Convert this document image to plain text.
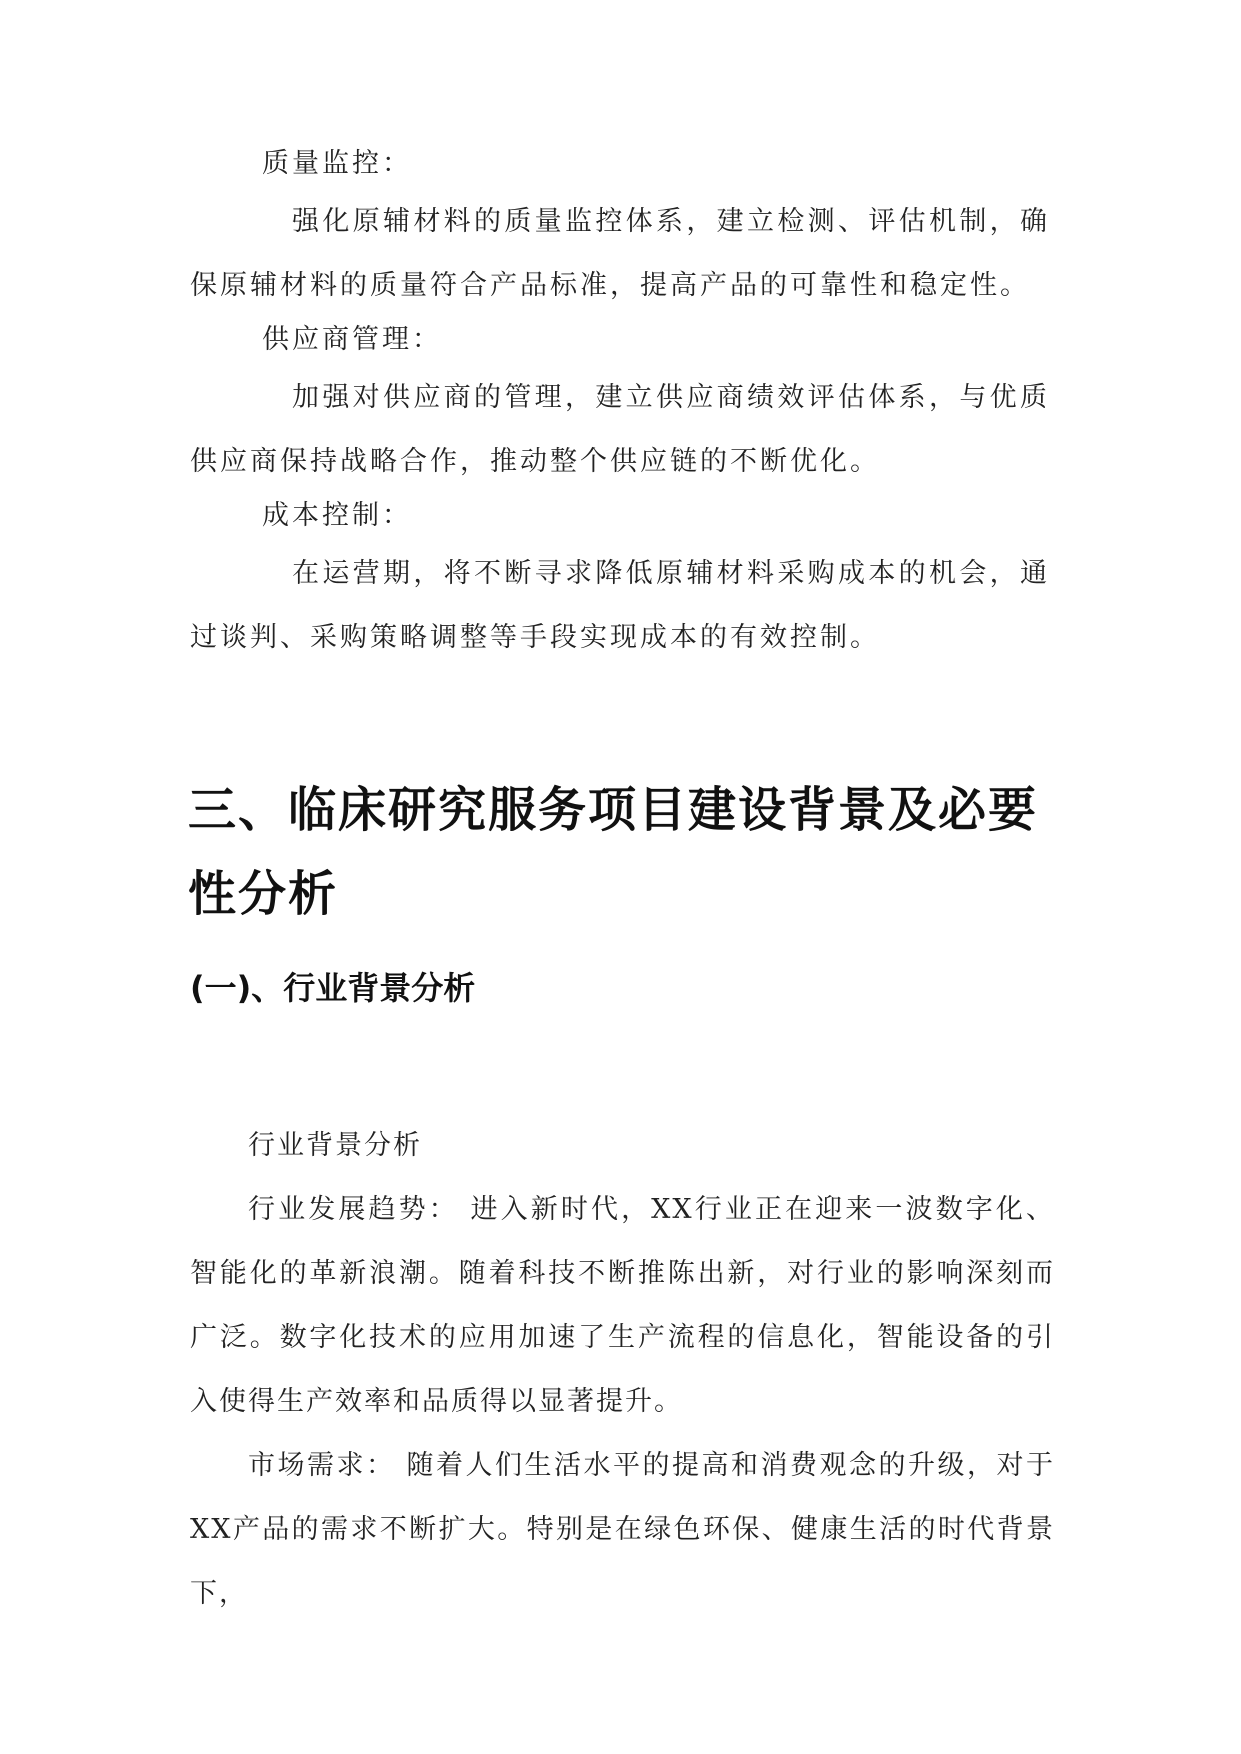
质量监控：
强化原辅材料的质量监控体系，建立检测、评估机制，确保原辅材料的质量符合产品标准，提高产品的可靠性和稳定性。
供应商管理：
加强对供应商的管理，建立供应商绩效评估体系，与优质供应商保持战略合作，推动整个供应链的不断优化。
成本控制：
在运营期，将不断寻求降低原辅材料采购成本的机会，通过谈判、采购策略调整等手段实现成本的有效控制。
三、临床研究服务项目建设背景及必要性分析
(一)、行业背景分析
行业背景分析
行业发展趋势： 进入新时代，XX行业正在迎来一波数字化、智能化的革新浪潮。随着科技不断推陈出新，对行业的影响深刻而广泛。数字化技术的应用加速了生产流程的信息化，智能设备的引入使得生产效率和品质得以显著提升。
市场需求： 随着人们生活水平的提高和消费观念的升级，对于XX产品的需求不断扩大。特别是在绿色环保、健康生活的时代背景下，
